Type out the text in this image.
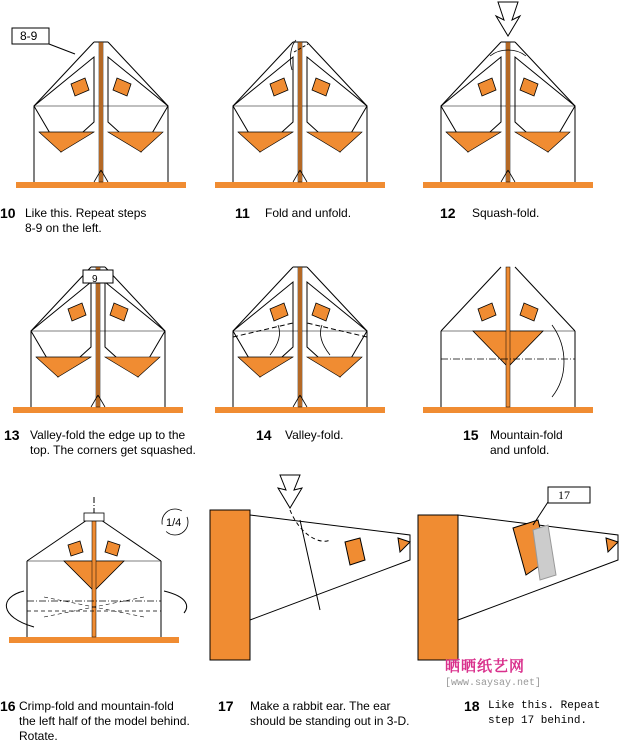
8-9
9
1/4
17
10 Like this. Repeat steps
8-9 on the left.
11 Fold and unfold.	12 Squash-fold.
13 Valley-fold the edge up to the
top. The corners get squashed.
14 Valley-fold.	15 Mountain-fold
and unfold.
16 Crimp-fold and mountain-fold
the left half of the model behind.
Rotate.
17 Make a rabbit ear. The ear
should be standing out in 3-D.
18 Like this. Repeat
step 17 behind.
晒晒纸艺网
[www.saysay.net]
